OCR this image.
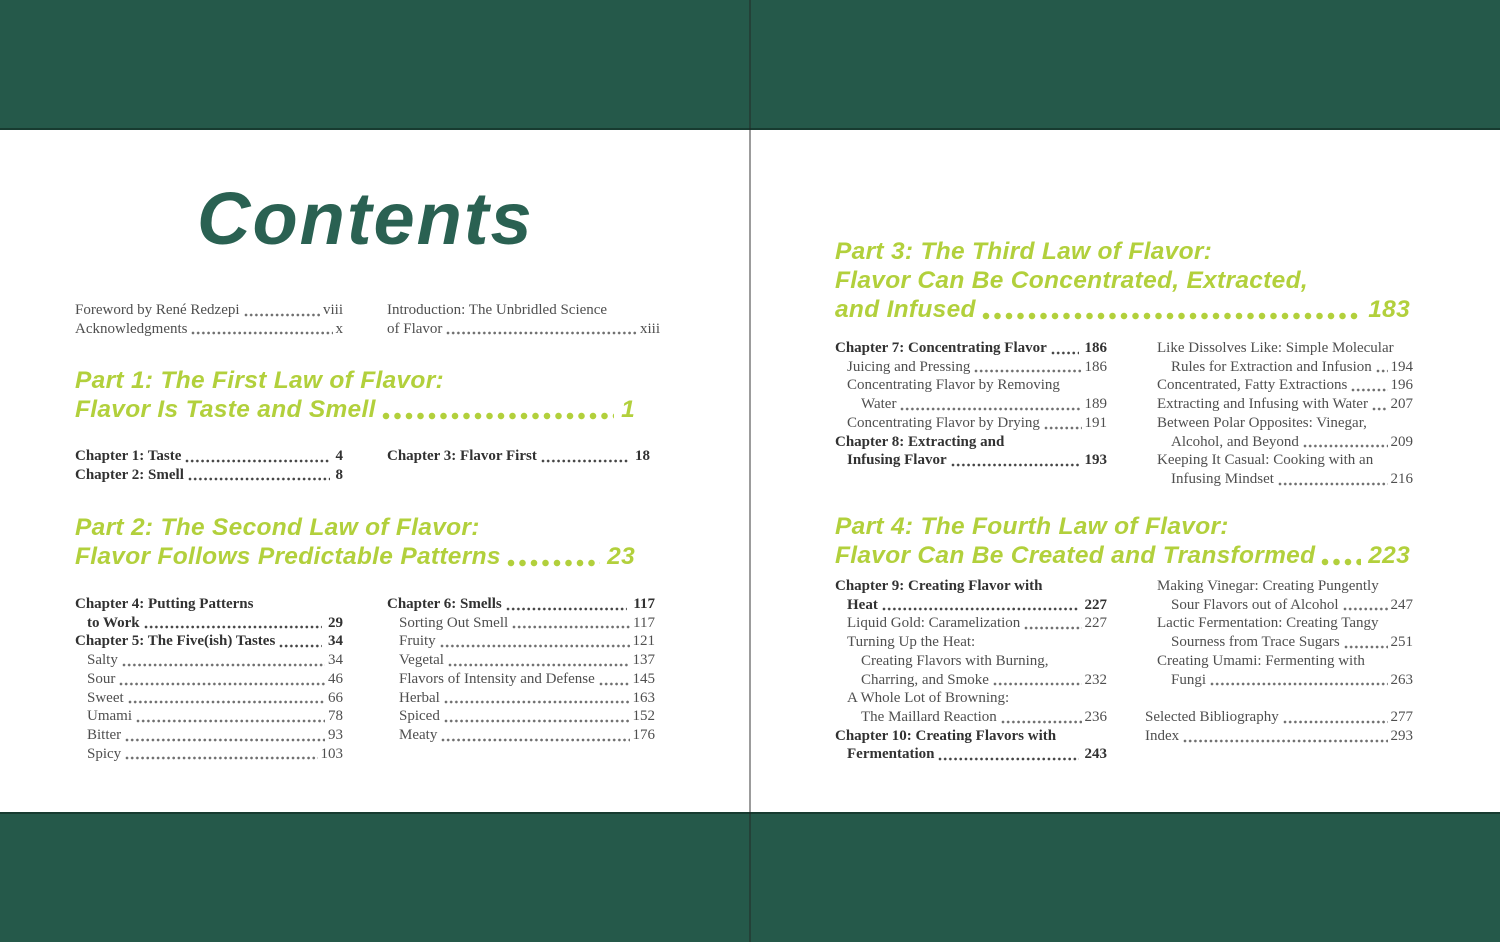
Contents
Foreword by René Redzepi	viii
Acknowledgments	x
Introduction: The Unbridled Science
of Flavor	xiii
Part 1: The First Law of Flavor:
Flavor Is Taste and Smell	1
Chapter 1: Taste	4
Chapter 2: Smell	8
Chapter 3: Flavor First	18
Part 2: The Second Law of Flavor:
Flavor Follows Predictable Patterns	23
Chapter 4: Putting Patterns
to Work	29
Chapter 5: The Five(ish) Tastes	34
Salty	34
Sour	46
Sweet	66
Umami	78
Bitter	93
Spicy	103
Chapter 6: Smells	117
Sorting Out Smell	117
Fruity	121
Vegetal	137
Flavors of Intensity and Defense	145
Herbal	163
Spiced	152
Meaty	176
Part 3: The Third Law of Flavor:
Flavor Can Be Concentrated, Extracted,
and Infused	183
Chapter 7: Concentrating Flavor	186
Juicing and Pressing	186
Concentrating Flavor by Removing
Water	189
Concentrating Flavor by Drying	191
Chapter 8: Extracting and
Infusing Flavor	193
Like Dissolves Like: Simple Molecular
Rules for Extraction and Infusion 194
Concentrated, Fatty Extractions	196
Extracting and Infusing with Water 207
Between Polar Opposites: Vinegar,
Alcohol, and Beyond	209
Keeping It Casual: Cooking with an
Infusing Mindset	216
Part 4: The Fourth Law of Flavor:
Flavor Can Be Created and Transformed 223
Chapter 9: Creating Flavor with
Heat	227
Liquid Gold: Caramelization	227
Turning Up the Heat:
Creating Flavors with Burning,
Charring, and Smoke	232
A Whole Lot of Browning:
The Maillard Reaction	236
Chapter 10: Creating Flavors with
Fermentation	243
Making Vinegar: Creating Pungently
Sour Flavors out of Alcohol	247
Lactic Fermentation: Creating Tangy
Sourness from Trace Sugars	251
Creating Umami: Fermenting with
Fungi	263
Selected Bibliography	277
Index	293
